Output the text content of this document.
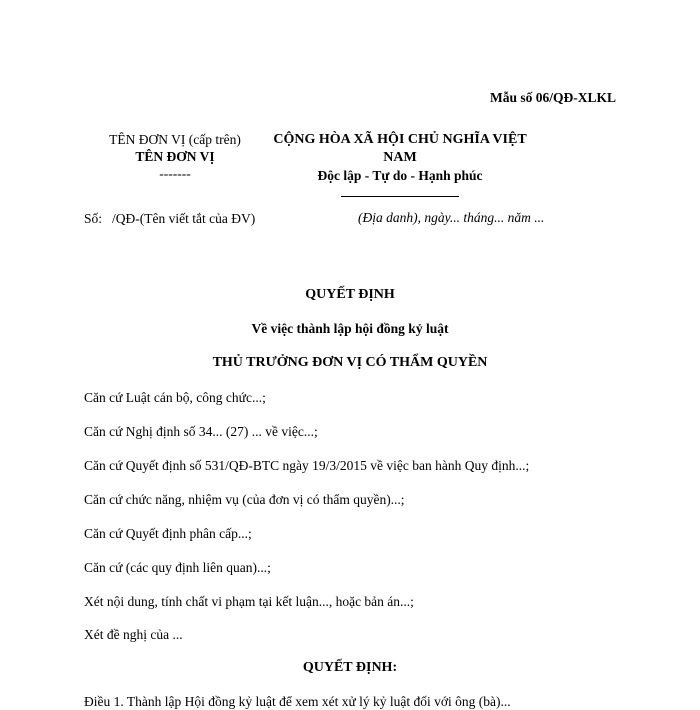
Mẫu số 06/QĐ-XLKL
TÊN ĐƠN VỊ (cấp trên)
TÊN ĐƠN VỊ
-------
CỘNG HÒA XÃ HỘI CHỦ NGHĨA VIỆT
NAM
Độc lập - Tự do - Hạnh phúc
Số: /QĐ-(Tên viết tắt của ĐV)	(Địa danh), ngày... tháng... năm ...
QUYẾT ĐỊNH
Về việc thành lập hội đồng kỷ luật
THỦ TRƯỞNG ĐƠN VỊ CÓ THẨM QUYỀN
Căn cứ Luật cán bộ, công chức...;
Căn cứ Nghị định số 34... (27) ... về việc...;
Căn cứ Quyết định số 531/QĐ-BTC ngày 19/3/2015 về việc ban hành Quy định...;
Căn cứ chức năng, nhiệm vụ (của đơn vị có thẩm quyền)...;
Căn cứ Quyết định phân cấp...;
Căn cứ (các quy định liên quan)...;
Xét nội dung, tính chất vi phạm tại kết luận..., hoặc bản án...;
Xét đề nghị của ...
QUYẾT ĐỊNH:
Điều 1. Thành lập Hội đồng kỷ luật để xem xét xử lý kỷ luật đối với ông (bà)...
